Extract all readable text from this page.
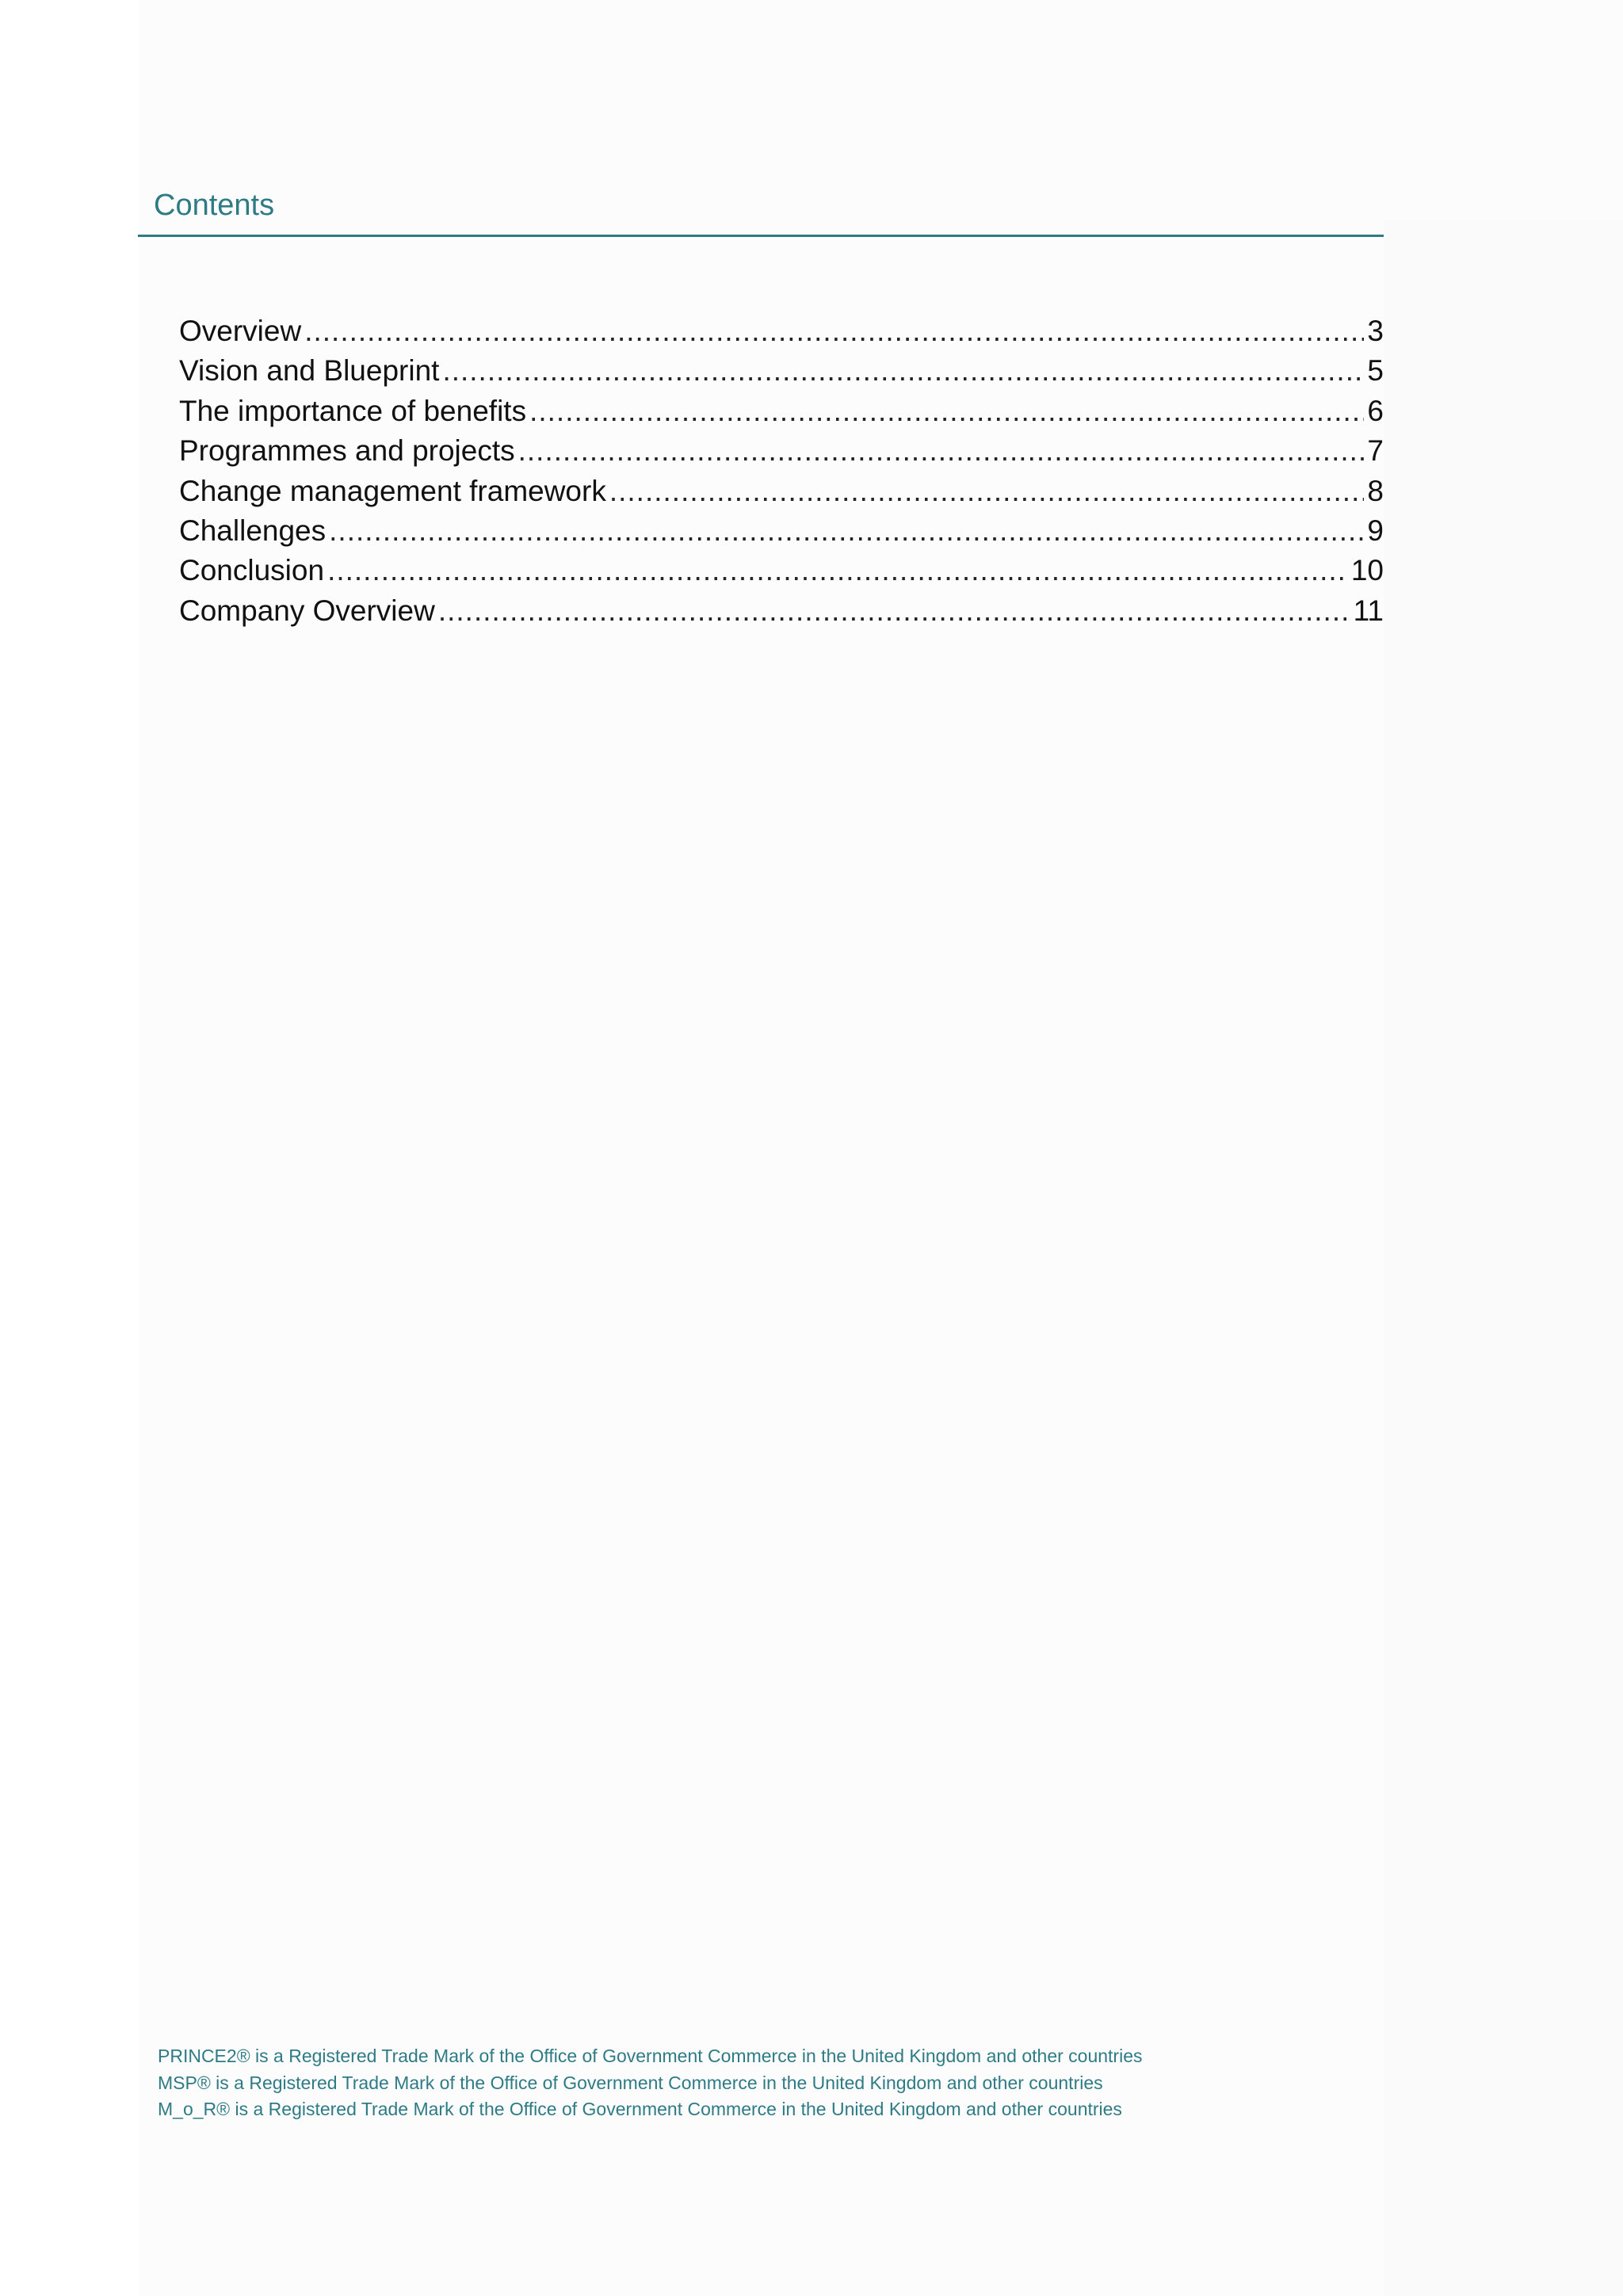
Contents
Overview .....	3
Vision and Blueprint .....	5
The importance of benefits .....	6
Programmes and projects .....	7
Change management framework .....	8
Challenges .....	9
Conclusion .....	10
Company Overview .....	11
PRINCE2® is a Registered Trade Mark of the Office of Government Commerce in the United Kingdom and other countries
MSP® is a Registered Trade Mark of the Office of Government Commerce in the United Kingdom and other countries
M_o_R® is a Registered Trade Mark of the Office of Government Commerce in the United Kingdom and other countries
